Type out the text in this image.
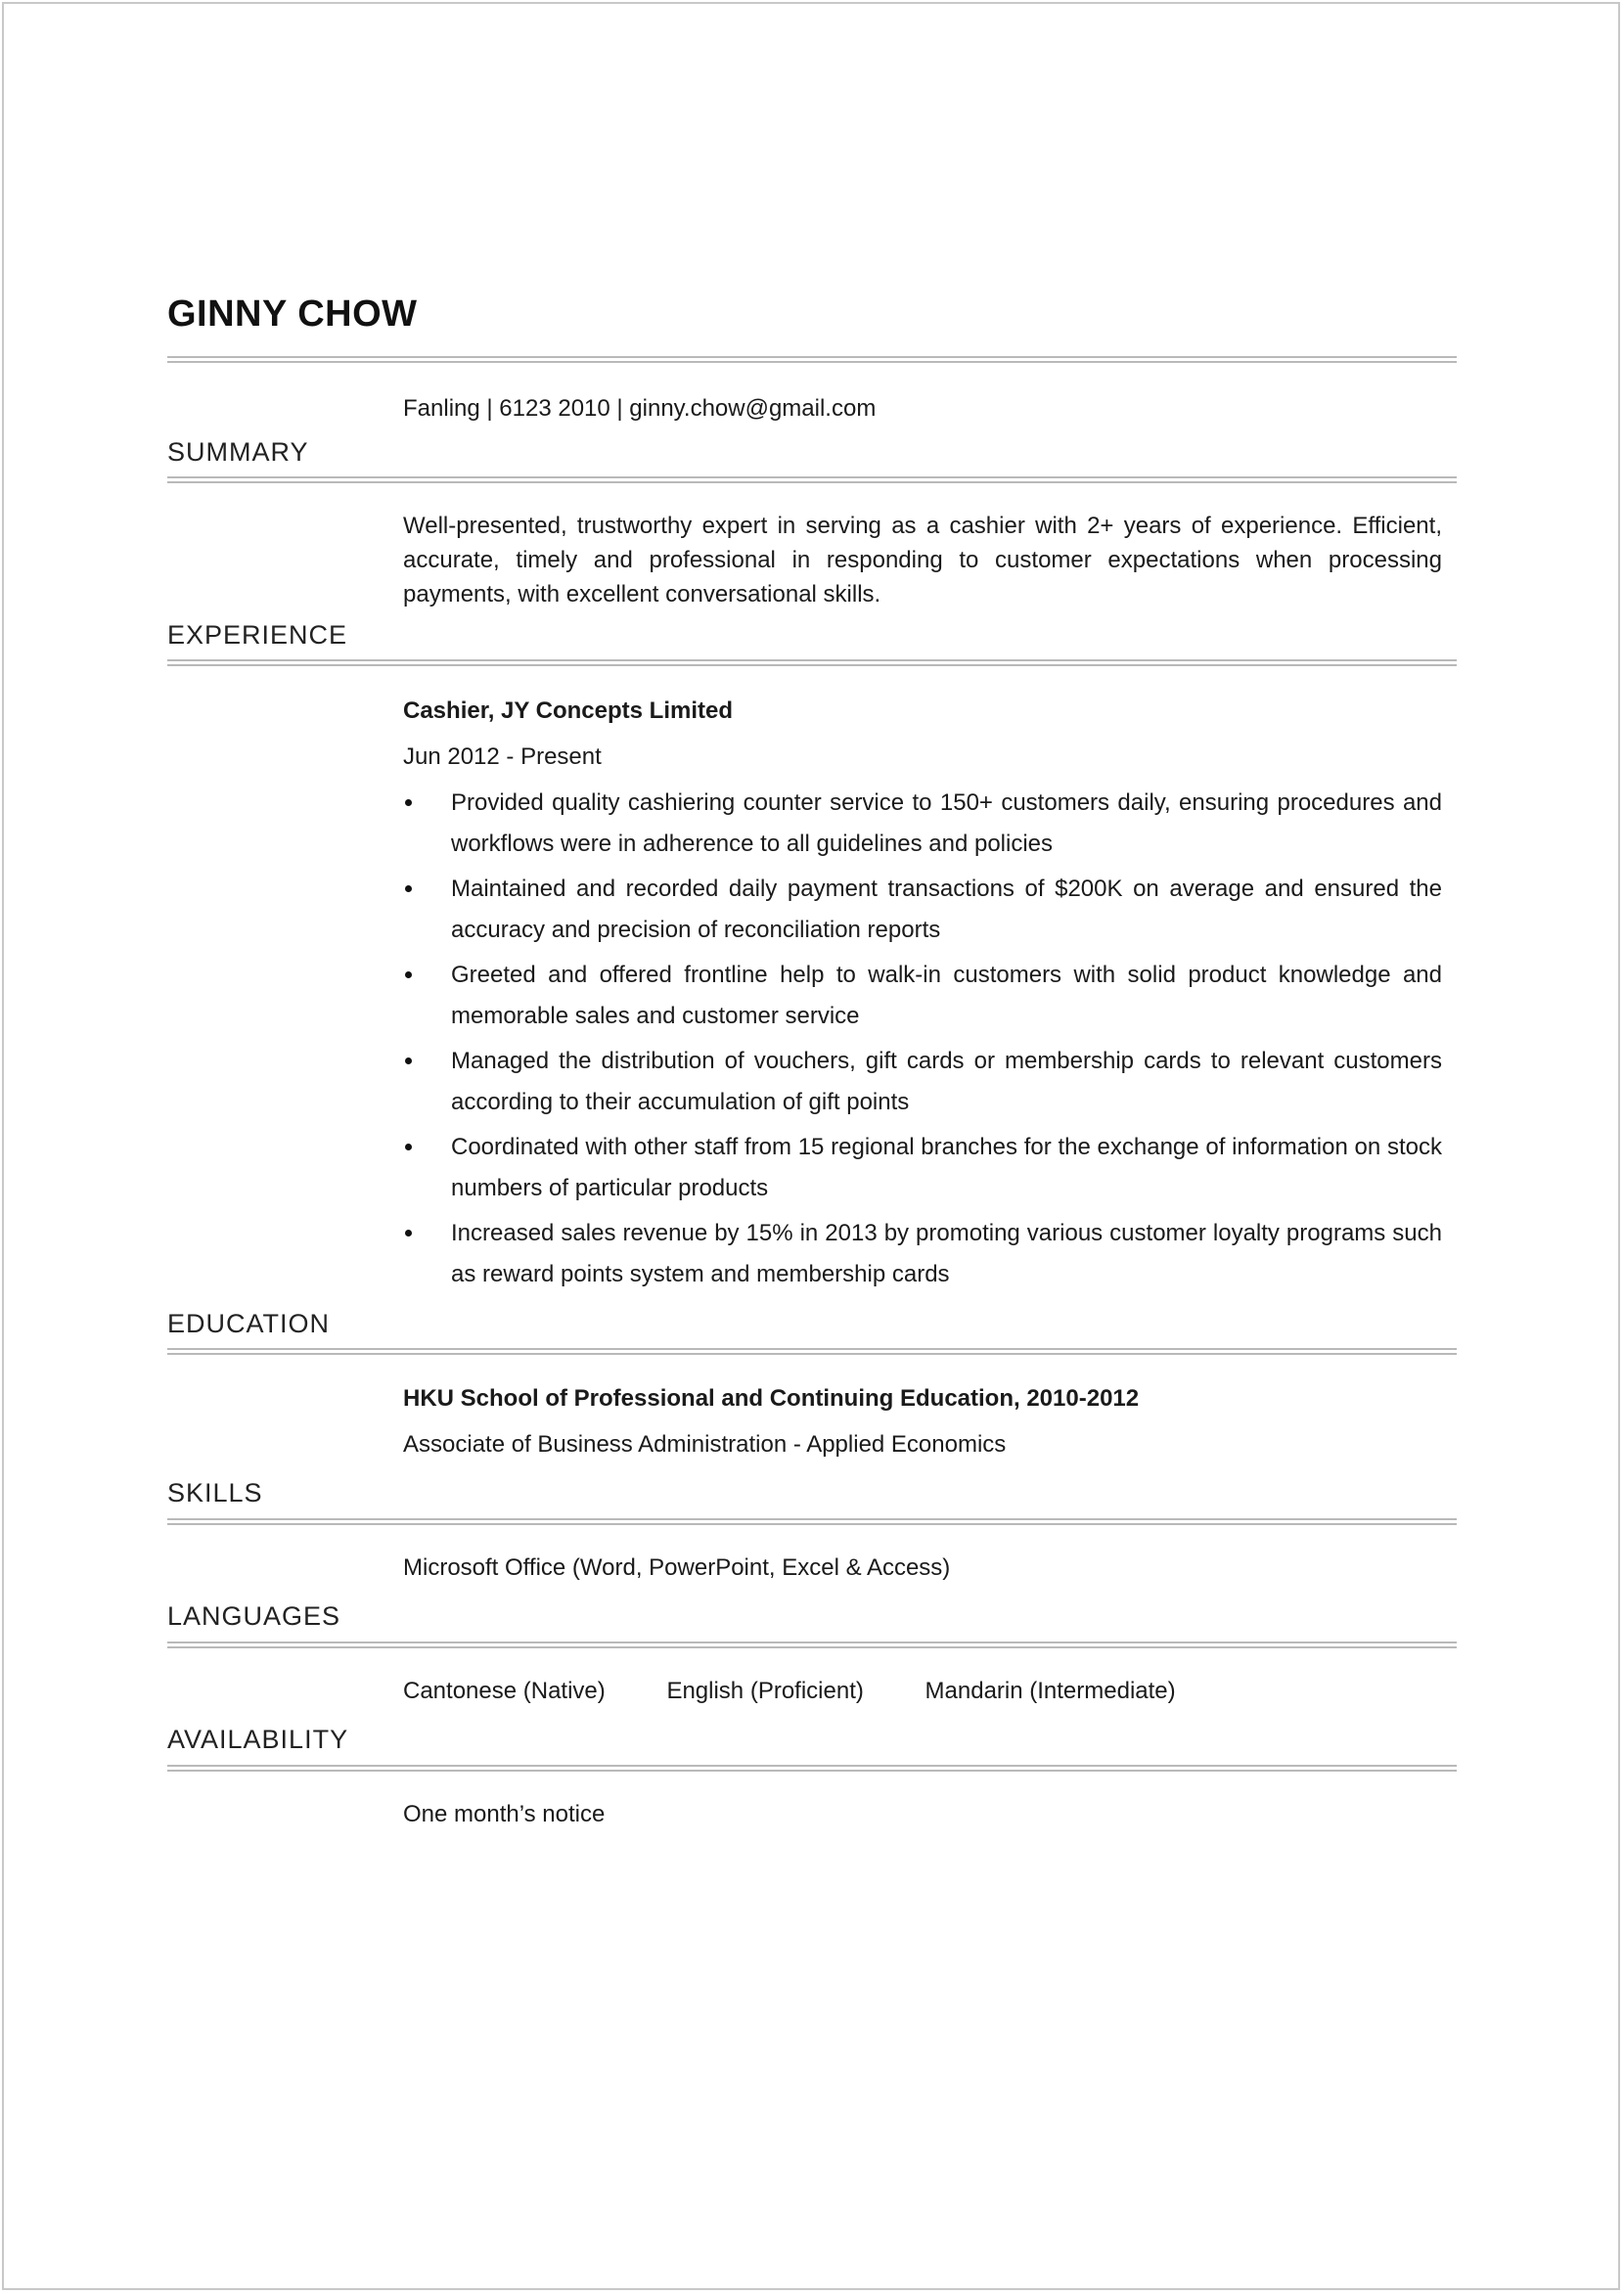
GINNY CHOW
Fanling | 6123 2010 | ginny.chow@gmail.com
SUMMARY
Well-presented, trustworthy expert in serving as a cashier with 2+ years of experience. Efficient, accurate, timely and professional in responding to customer expectations when processing payments, with excellent conversational skills.
EXPERIENCE
Cashier, JY Concepts Limited
Jun 2012 - Present
Provided quality cashiering counter service to 150+ customers daily, ensuring procedures and workflows were in adherence to all guidelines and policies
Maintained and recorded daily payment transactions of $200K on average and ensured the accuracy and precision of reconciliation reports
Greeted and offered frontline help to walk-in customers with solid product knowledge and memorable sales and customer service
Managed the distribution of vouchers, gift cards or membership cards to relevant customers according to their accumulation of gift points
Coordinated with other staff from 15 regional branches for the exchange of information on stock numbers of particular products
Increased sales revenue by 15% in 2013 by promoting various customer loyalty programs such as reward points system and membership cards
EDUCATION
HKU School of Professional and Continuing Education, 2010-2012
Associate of Business Administration - Applied Economics
SKILLS
Microsoft Office (Word, PowerPoint, Excel & Access)
LANGUAGES
Cantonese (Native)	English (Proficient)	Mandarin (Intermediate)
AVAILABILITY
One month’s notice
